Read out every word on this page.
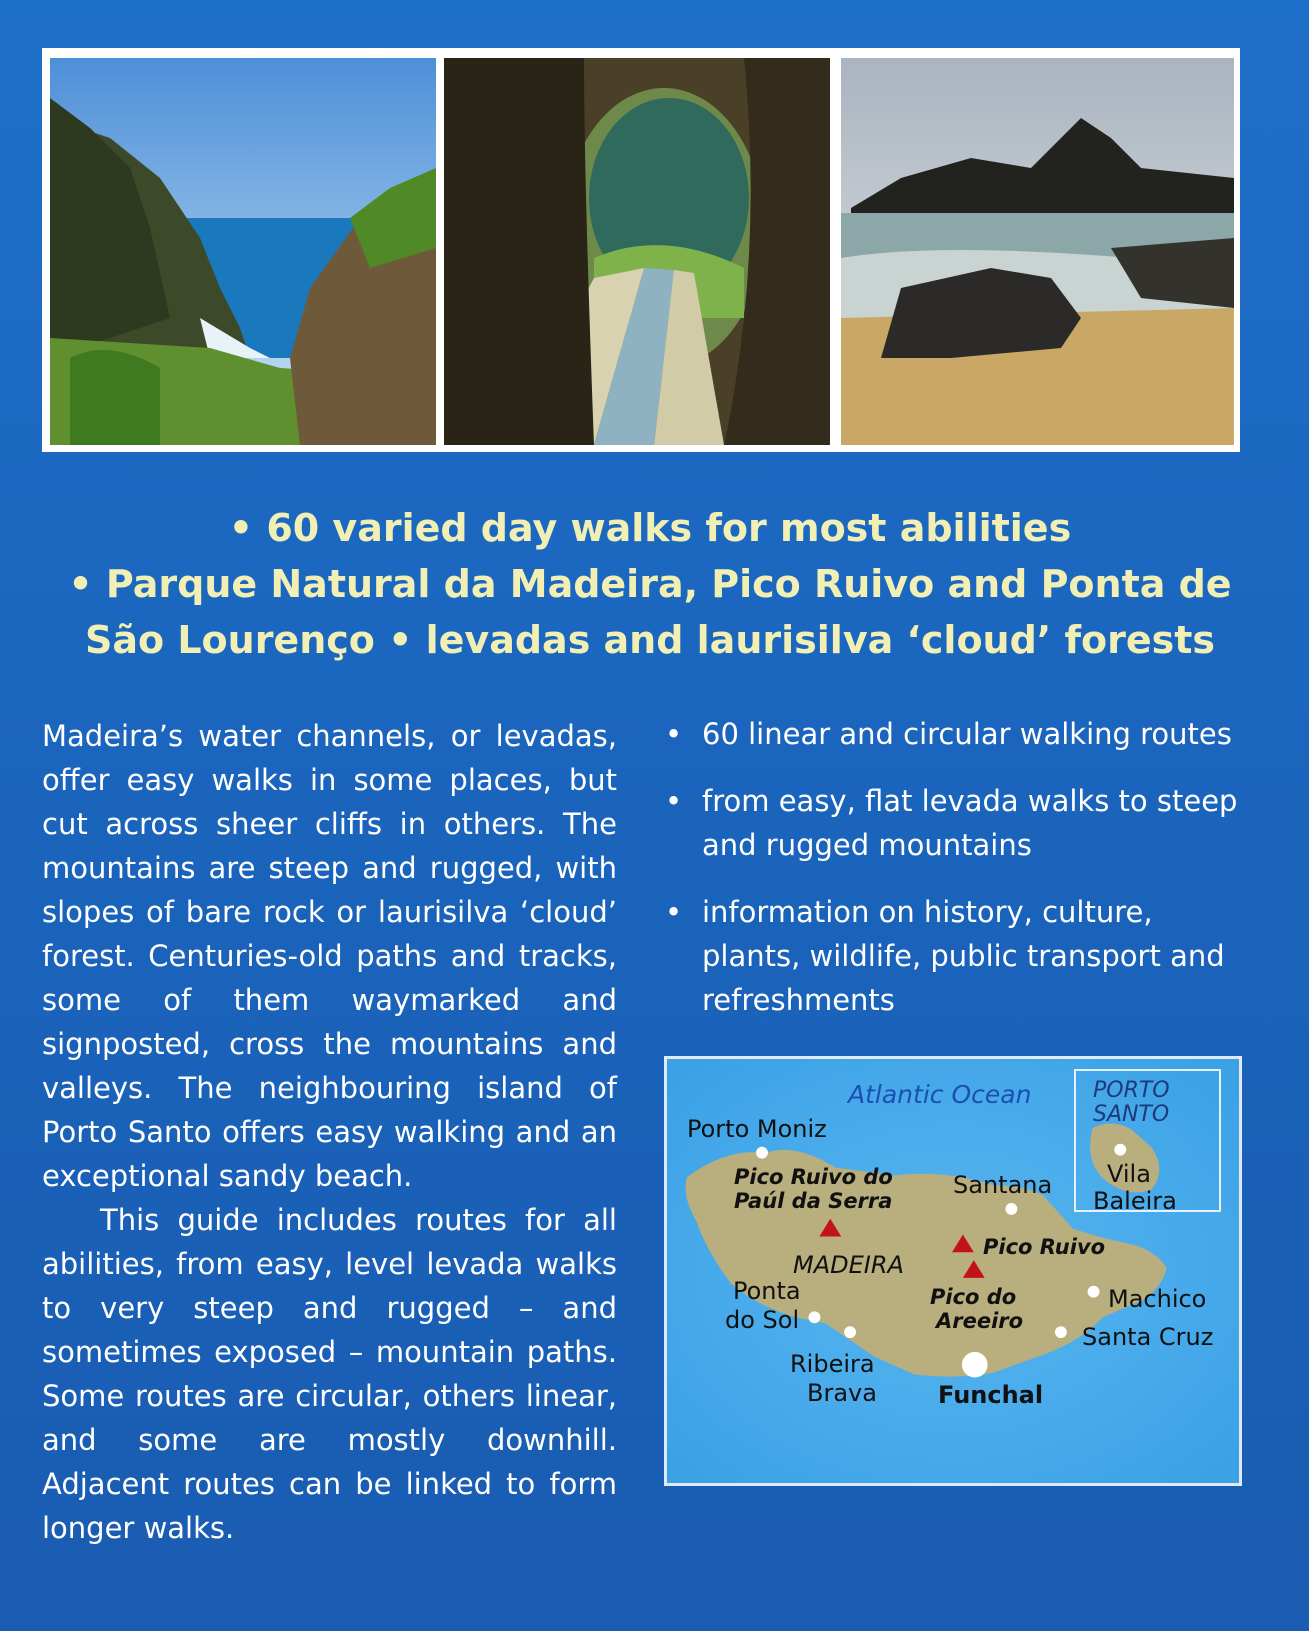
• 60 varied day walks for most abilities
• Parque Natural da Madeira, Pico Ruivo and Ponta de
São Lourenço • levadas and laurisilva ‘cloud’ forests

Madeira’s water channels, or levadas, offer easy walks in some places, but cut across sheer cliffs in others. The mountains are steep and rugged, with slopes of bare rock or laurisilva ‘cloud’ forest. Centuries-old paths and tracks, some of them waymarked and signposted, cross the mountains and valleys. The neighbouring island of Porto Santo offers easy walking and an exceptional sandy beach.

This guide includes routes for all abilities, from easy, level levada walks to very steep and rugged – and sometimes exposed – mountain paths. Some routes are circular, others linear, and some are mostly downhill. Adjacent routes can be linked to form longer walks.

• 60 linear and circular walking routes
• from easy, flat levada walks to steep and rugged mountains
• information on history, culture, plants, wildlife, public transport and refreshments
Atlantic Ocean	PORTO
SANTO
Vila
Baleira
Porto Moniz
Pico Ruivo do
Paúl da Serra
Santana
Pico Ruivo
MADEIRA
Ponta
do Sol
Pico do
Areeiro
Machico
Santa Cruz
Ribeira
Brava	Funchal
